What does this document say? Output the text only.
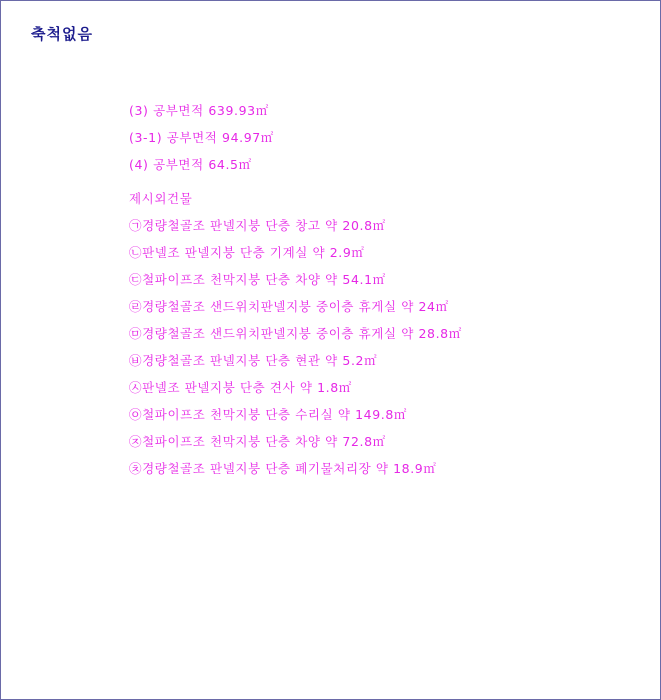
축척없음
(3) 공부면적 639.93㎡
(3-1) 공부면적 94.97㎡
(4) 공부면적 64.5㎡
제시외건물
㉠경량철골조 판넬지붕 단층 창고 약 20.8㎡
㉡판넬조 판넬지붕 단층 기계실 약 2.9㎡
㉢철파이프조 천막지붕 단층 차양 약 54.1㎡
㉣경량철골조 샌드위치판넬지붕 중이층 휴게실 약 24㎡
㉤경량철골조 샌드위치판넬지붕 중이층 휴게실 약 28.8㎡
㉥경량철골조 판넬지붕 단층 현관 약 5.2㎡
㉦판넬조 판넬지붕 단층 견사 약 1.8㎡
㉧철파이프조 천막지붕 단층 수리실 약 149.8㎡
㉨철파이프조 천막지붕 단층 차양 약 72.8㎡
㉩경량철골조 판넬지붕 단층 폐기물처리장 약 18.9㎡
